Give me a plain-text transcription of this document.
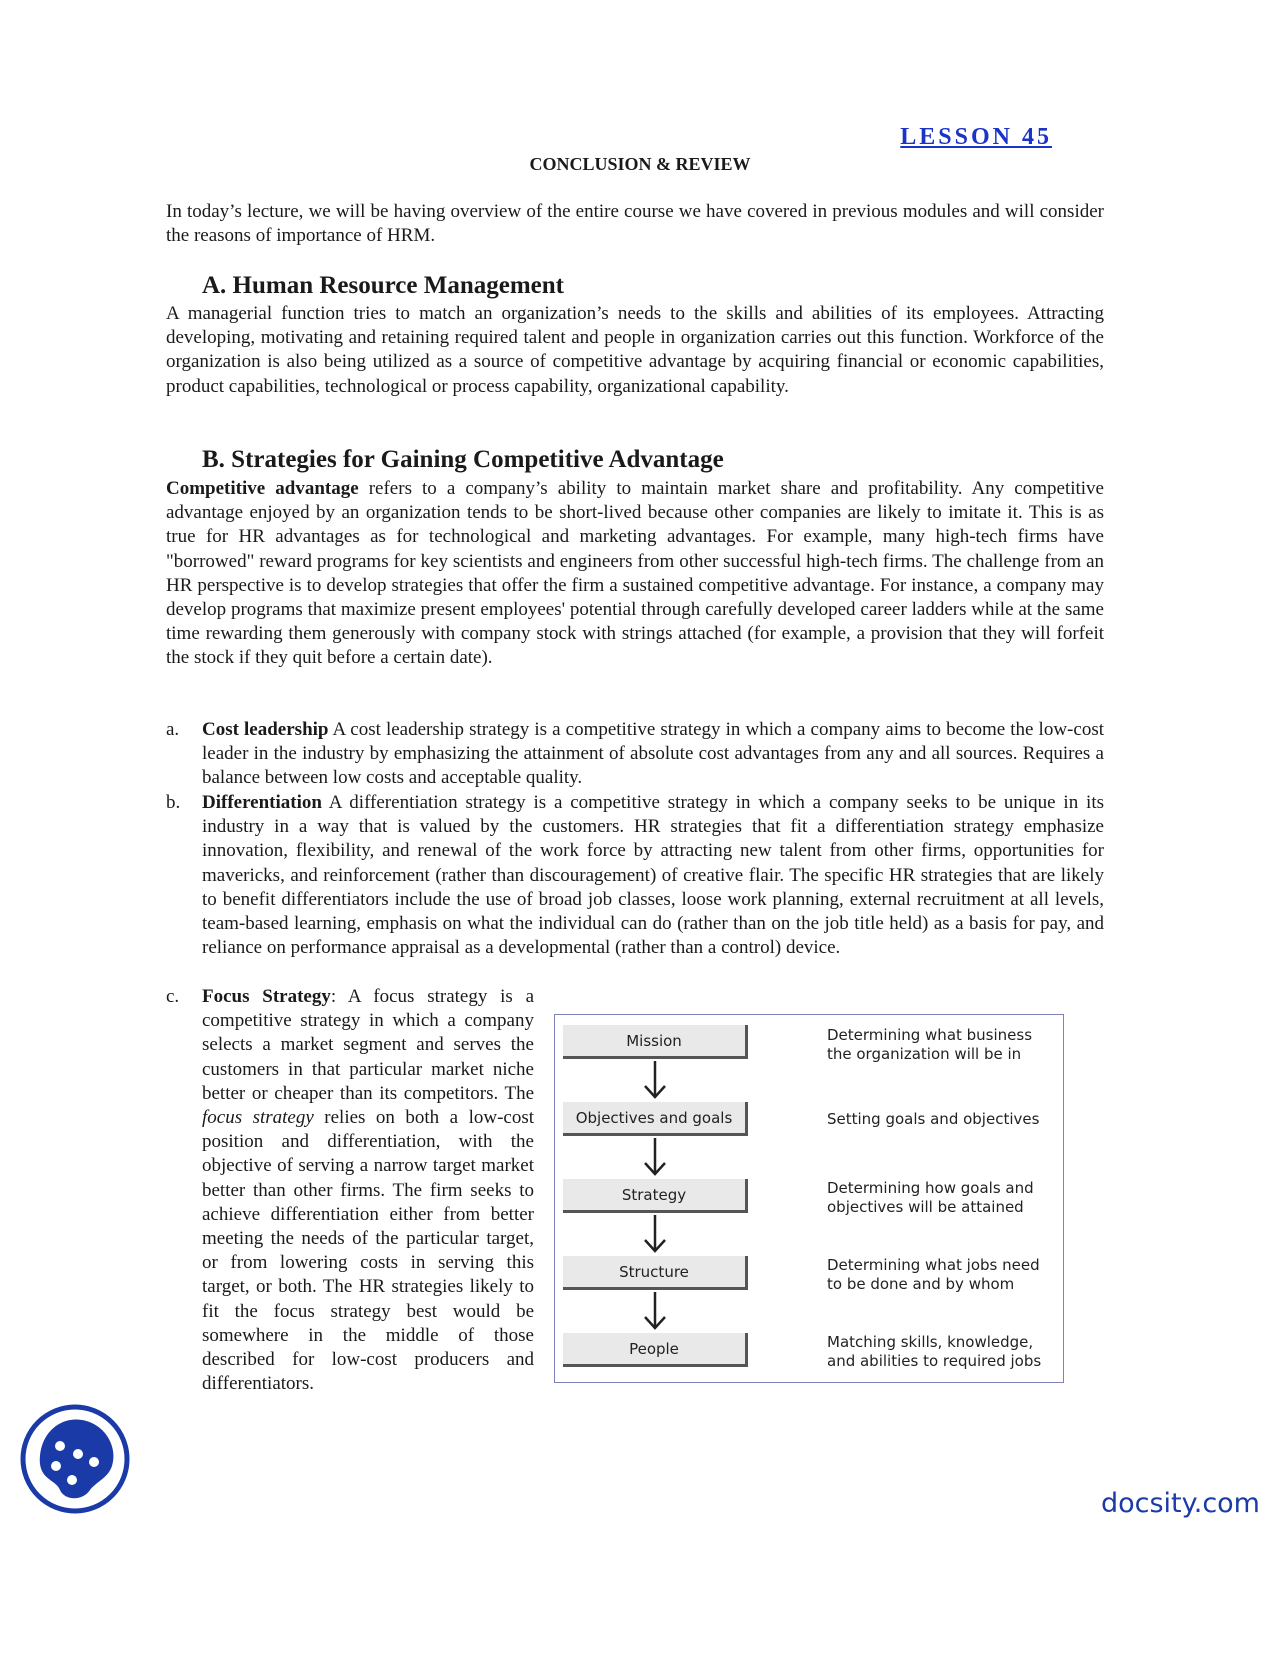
LESSON 45
CONCLUSION & REVIEW

In today’s lecture, we will be having overview of the entire course we have covered in previous modules and will consider the reasons of importance of HRM.

A. Human Resource Management

A managerial function tries to match an organization’s needs to the skills and abilities of its employees. Attracting developing, motivating and retaining required talent and people in organization carries out this function. Workforce of the organization is also being utilized as a source of competitive advantage by acquiring financial or economic capabilities, product capabilities, technological or process capability, organizational capability.

B. Strategies for Gaining Competitive Advantage

Competitive advantage refers to a company’s ability to maintain market share and profitability. Any competitive advantage enjoyed by an organization tends to be short-lived because other companies are likely to imitate it. This is as true for HR advantages as for technological and marketing advantages. For example, many high-tech firms have "borrowed" reward programs for key scientists and engineers from other successful high-tech firms. The challenge from an HR perspective is to develop strategies that offer the firm a sustained competitive advantage. For instance, a company may develop programs that maximize present employees' potential through carefully developed career ladders while at the same time rewarding them generously with company stock with strings attached (for example, a provision that they will forfeit the stock if they quit before a certain date).

a. Cost leadership A cost leadership strategy is a competitive strategy in which a company aims to become the low-cost leader in the industry by emphasizing the attainment of absolute cost advantages from any and all sources. Requires a balance between low costs and acceptable quality.
b. Differentiation A differentiation strategy is a competitive strategy in which a company seeks to be unique in its industry in a way that is valued by the customers. HR strategies that fit a differentiation strategy emphasize innovation, flexibility, and renewal of the work force by attracting new talent from other firms, opportunities for mavericks, and reinforcement (rather than discouragement) of creative flair. The specific HR strategies that are likely to benefit differentiators include the use of broad job classes, loose work planning, external recruitment at all levels, team-based learning, emphasis on what the individual can do (rather than on the job title held) as a basis for pay, and reliance on performance appraisal as a developmental (rather than a control) device.
c. Focus Strategy: A focus strategy is a competitive strategy in which a company selects a market segment and serves the customers in that particular market niche better or cheaper than its competitors. The focus strategy relies on both a low-cost position and differentiation, with the objective of serving a narrow target market better than other firms. The firm seeks to achieve differentiation either from better meeting the needs of the particular target, or from lowering costs in serving this target, or both. The HR strategies likely to fit the focus strategy best would be somewhere in the middle of those described for low-cost producers and differentiators.
Mission	Determining what business the organization will be in
Objectives and goals	Setting goals and objectives
Strategy	Determining how goals and objectives will be attained
Structure	Determining what jobs need to be done and by whom
People	Matching skills, knowledge, and abilities to required jobs
docsity.com
